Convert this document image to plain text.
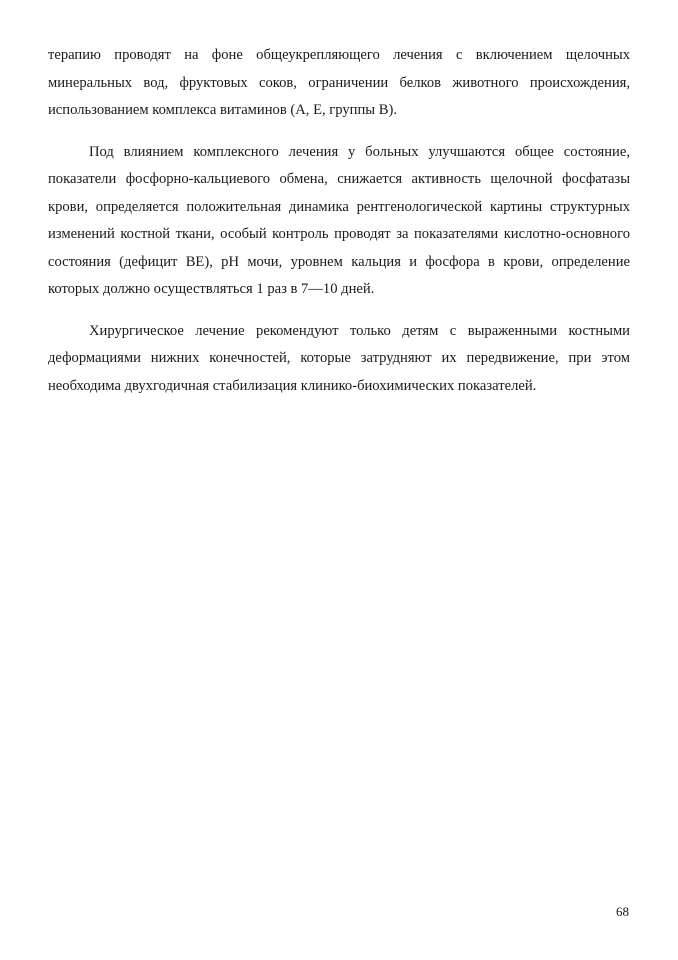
терапию проводят на фоне общеукрепляющего лечения с включением щелочных минеральных вод, фруктовых соков, ограничении белков животного происхождения, использованием комплекса витаминов (А, Е, группы В).

Под влиянием комплексного лечения у больных улучшаются общее состояние, показатели фосфорно-кальциевого обмена, снижается активность щелочной фосфатазы крови, определяется положительная динамика рентгенологической картины структурных изменений костной ткани, особый контроль проводят за показателями кислотно-основного состояния (дефицит BE), рН мочи, уровнем кальция и фосфора в крови, определение которых должно осуществляться 1 раз в 7—10 дней.

Хирургическое лечение рекомендуют только детям с выраженными костными деформациями нижних конечностей, которые затрудняют их передвижение, при этом необходима двухгодичная стабилизация клинико-биохимических показателей.

68
